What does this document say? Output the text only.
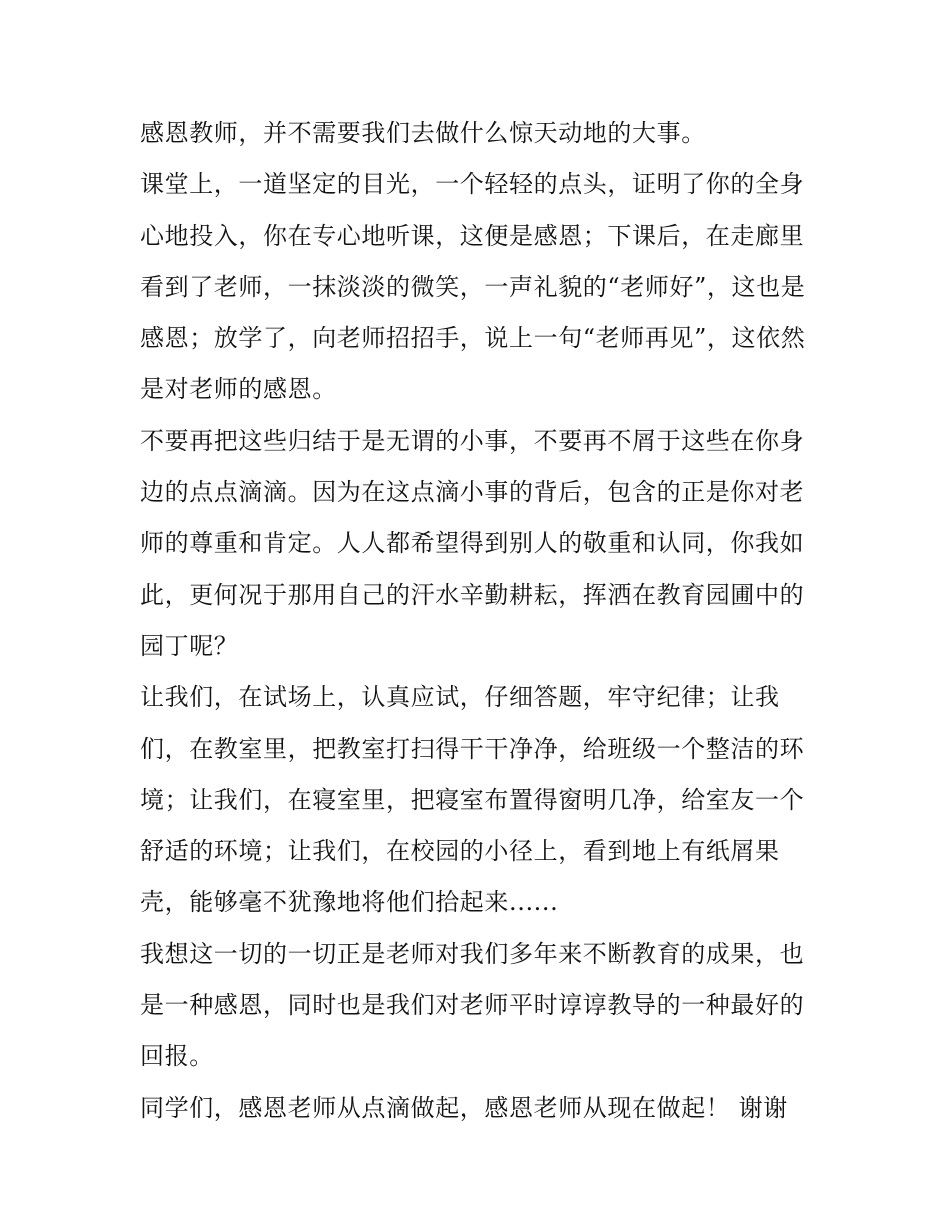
感恩教师，并不需要我们去做什么惊天动地的大事。

课堂上，一道坚定的目光，一个轻轻的点头，证明了你的全身
心地投入，你在专心地听课，这便是感恩；下课后，在走廊里
看到了老师，一抹淡淡的微笑，一声礼貌的“老师好”，这也是
感恩；放学了，向老师招招手，说上一句“老师再见”，这依然
是对老师的感恩。

不要再把这些归结于是无谓的小事，不要再不屑于这些在你身
边的点点滴滴。因为在这点滴小事的背后，包含的正是你对老
师的尊重和肯定。人人都希望得到别人的敬重和认同，你我如
此，更何况于那用自己的汗水辛勤耕耘，挥洒在教育园圃中的
园丁呢？

让我们，在试场上，认真应试，仔细答题，牢守纪律；让我
们，在教室里，把教室打扫得干干净净，给班级一个整洁的环
境；让我们，在寝室里，把寝室布置得窗明几净，给室友一个
舒适的环境；让我们，在校园的小径上，看到地上有纸屑果
壳，能够毫不犹豫地将他们拾起来......

我想这一切的一切正是老师对我们多年来不断教育的成果，也
是一种感恩，同时也是我们对老师平时谆谆教导的一种最好的
回报。

同学们，感恩老师从点滴做起，感恩老师从现在做起！ 谢谢
